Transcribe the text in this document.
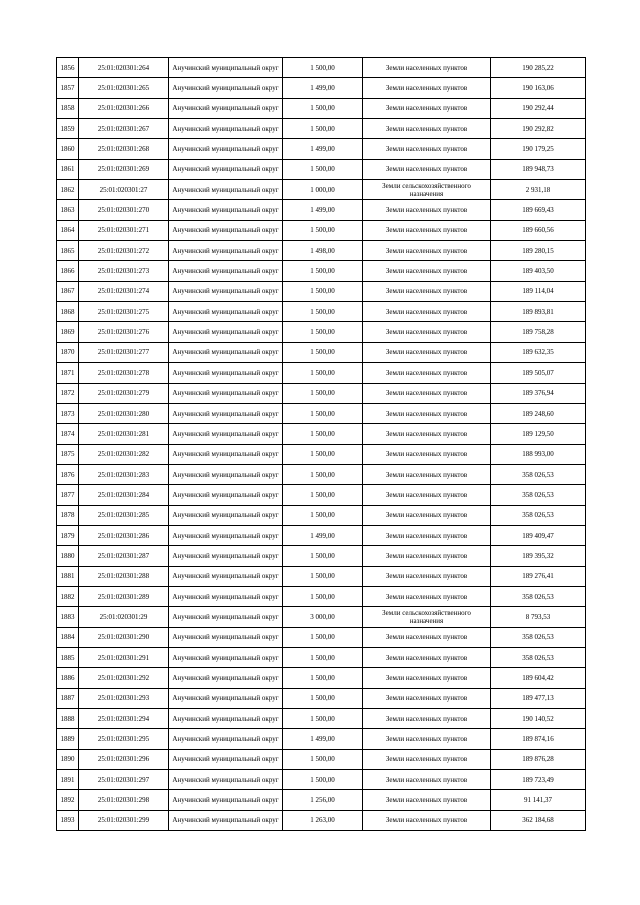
1856	25:01:020301:264	Анучинский муниципальный округ	1 500,00	Земли населенных пунктов	190 285,22
1857	25:01:020301:265	Анучинский муниципальный округ	1 499,00	Земли населенных пунктов	190 163,06
1858	25:01:020301:266	Анучинский муниципальный округ	1 500,00	Земли населенных пунктов	190 292,44
1859	25:01:020301:267	Анучинский муниципальный округ	1 500,00	Земли населенных пунктов	190 292,82
1860	25:01:020301:268	Анучинский муниципальный округ	1 499,00	Земли населенных пунктов	190 179,25
1861	25:01:020301:269	Анучинский муниципальный округ	1 500,00	Земли населенных пунктов	189 948,73
1862	25:01:020301:27	Анучинский муниципальный округ	1 000,00	Земли сельскохозяйственного назначения	2 931,18
1863	25:01:020301:270	Анучинский муниципальный округ	1 499,00	Земли населенных пунктов	189 669,43
1864	25:01:020301:271	Анучинский муниципальный округ	1 500,00	Земли населенных пунктов	189 660,56
1865	25:01:020301:272	Анучинский муниципальный округ	1 498,00	Земли населенных пунктов	189 280,15
1866	25:01:020301:273	Анучинский муниципальный округ	1 500,00	Земли населенных пунктов	189 403,50
1867	25:01:020301:274	Анучинский муниципальный округ	1 500,00	Земли населенных пунктов	189 114,04
1868	25:01:020301:275	Анучинский муниципальный округ	1 500,00	Земли населенных пунктов	189 893,81
1869	25:01:020301:276	Анучинский муниципальный округ	1 500,00	Земли населенных пунктов	189 758,28
1870	25:01:020301:277	Анучинский муниципальный округ	1 500,00	Земли населенных пунктов	189 632,35
1871	25:01:020301:278	Анучинский муниципальный округ	1 500,00	Земли населенных пунктов	189 505,07
1872	25:01:020301:279	Анучинский муниципальный округ	1 500,00	Земли населенных пунктов	189 376,94
1873	25:01:020301:280	Анучинский муниципальный округ	1 500,00	Земли населенных пунктов	189 248,60
1874	25:01:020301:281	Анучинский муниципальный округ	1 500,00	Земли населенных пунктов	189 129,50
1875	25:01:020301:282	Анучинский муниципальный округ	1 500,00	Земли населенных пунктов	188 993,00
1876	25:01:020301:283	Анучинский муниципальный округ	1 500,00	Земли населенных пунктов	358 026,53
1877	25:01:020301:284	Анучинский муниципальный округ	1 500,00	Земли населенных пунктов	358 026,53
1878	25:01:020301:285	Анучинский муниципальный округ	1 500,00	Земли населенных пунктов	358 026,53
1879	25:01:020301:286	Анучинский муниципальный округ	1 499,00	Земли населенных пунктов	189 409,47
1880	25:01:020301:287	Анучинский муниципальный округ	1 500,00	Земли населенных пунктов	189 395,32
1881	25:01:020301:288	Анучинский муниципальный округ	1 500,00	Земли населенных пунктов	189 276,41
1882	25:01:020301:289	Анучинский муниципальный округ	1 500,00	Земли населенных пунктов	358 026,53
1883	25:01:020301:29	Анучинский муниципальный округ	3 000,00	Земли сельскохозяйственного назначения	8 793,53
1884	25:01:020301:290	Анучинский муниципальный округ	1 500,00	Земли населенных пунктов	358 026,53
1885	25:01:020301:291	Анучинский муниципальный округ	1 500,00	Земли населенных пунктов	358 026,53
1886	25:01:020301:292	Анучинский муниципальный округ	1 500,00	Земли населенных пунктов	189 604,42
1887	25:01:020301:293	Анучинский муниципальный округ	1 500,00	Земли населенных пунктов	189 477,13
1888	25:01:020301:294	Анучинский муниципальный округ	1 500,00	Земли населенных пунктов	190 140,52
1889	25:01:020301:295	Анучинский муниципальный округ	1 499,00	Земли населенных пунктов	189 874,16
1890	25:01:020301:296	Анучинский муниципальный округ	1 500,00	Земли населенных пунктов	189 876,28
1891	25:01:020301:297	Анучинский муниципальный округ	1 500,00	Земли населенных пунктов	189 723,49
1892	25:01:020301:298	Анучинский муниципальный округ	1 256,00	Земли населенных пунктов	91 141,37
1893	25:01:020301:299	Анучинский муниципальный округ	1 263,00	Земли населенных пунктов	362 184,68
